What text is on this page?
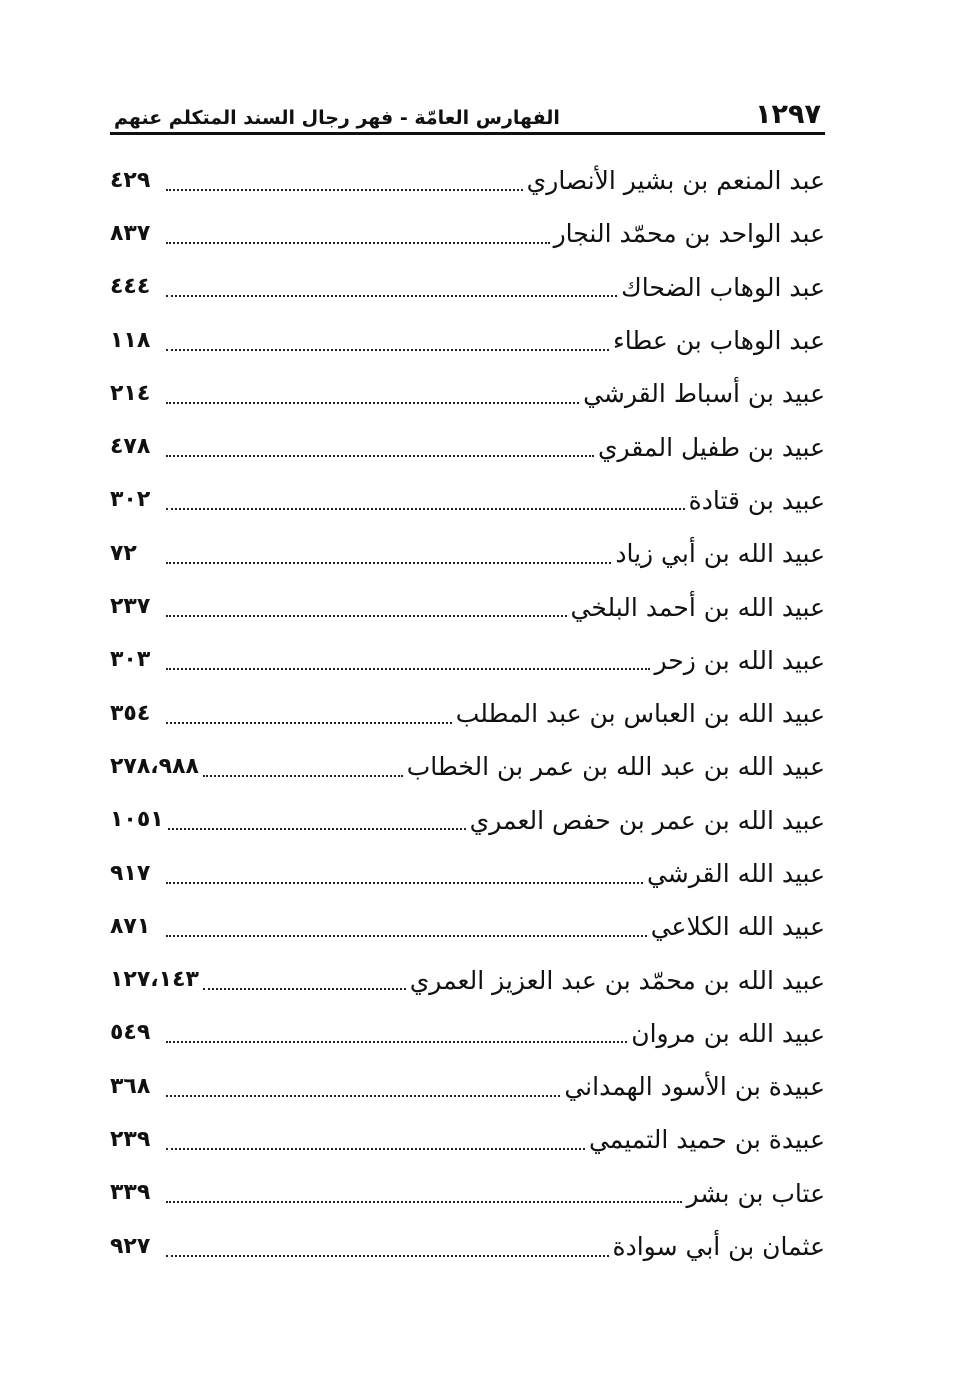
١٢٩٧
الفهارس العامّة - فهر رجال السند المتكلم عنهم
عبد المنعم بن بشير الأنصاري
٤٢٩
عبد الواحد بن محمّد النجار
٨٣٧
عبد الوهاب الضحاك
٤٤٤
عبد الوهاب بن عطاء
١١٨
عبيد بن أسباط القرشي
٢١٤
عبيد بن طفيل المقري
٤٧٨
عبيد بن قتادة
٣٠٢
عبيد الله بن أبي زياد
٧٢
عبيد الله بن أحمد البلخي
٢٣٧
عبيد الله بن زحر
٣٠٣
عبيد الله بن العباس بن عبد المطلب
٣٥٤
عبيد الله بن عبد الله بن عمر بن الخطاب
٢٧٨،٩٨٨
عبيد الله بن عمر بن حفص العمري
١٠٥١
عبيد الله القرشي
٩١٧
عبيد الله الكلاعي
٨٧١
عبيد الله بن محمّد بن عبد العزيز العمري
١٢٧،١٤٣
عبيد الله بن مروان
٥٤٩
عبيدة بن الأسود الهمداني
٣٦٨
عبيدة بن حميد التميمي
٢٣٩
عتاب بن بشر
٣٣٩
عثمان بن أبي سوادة
٩٢٧
